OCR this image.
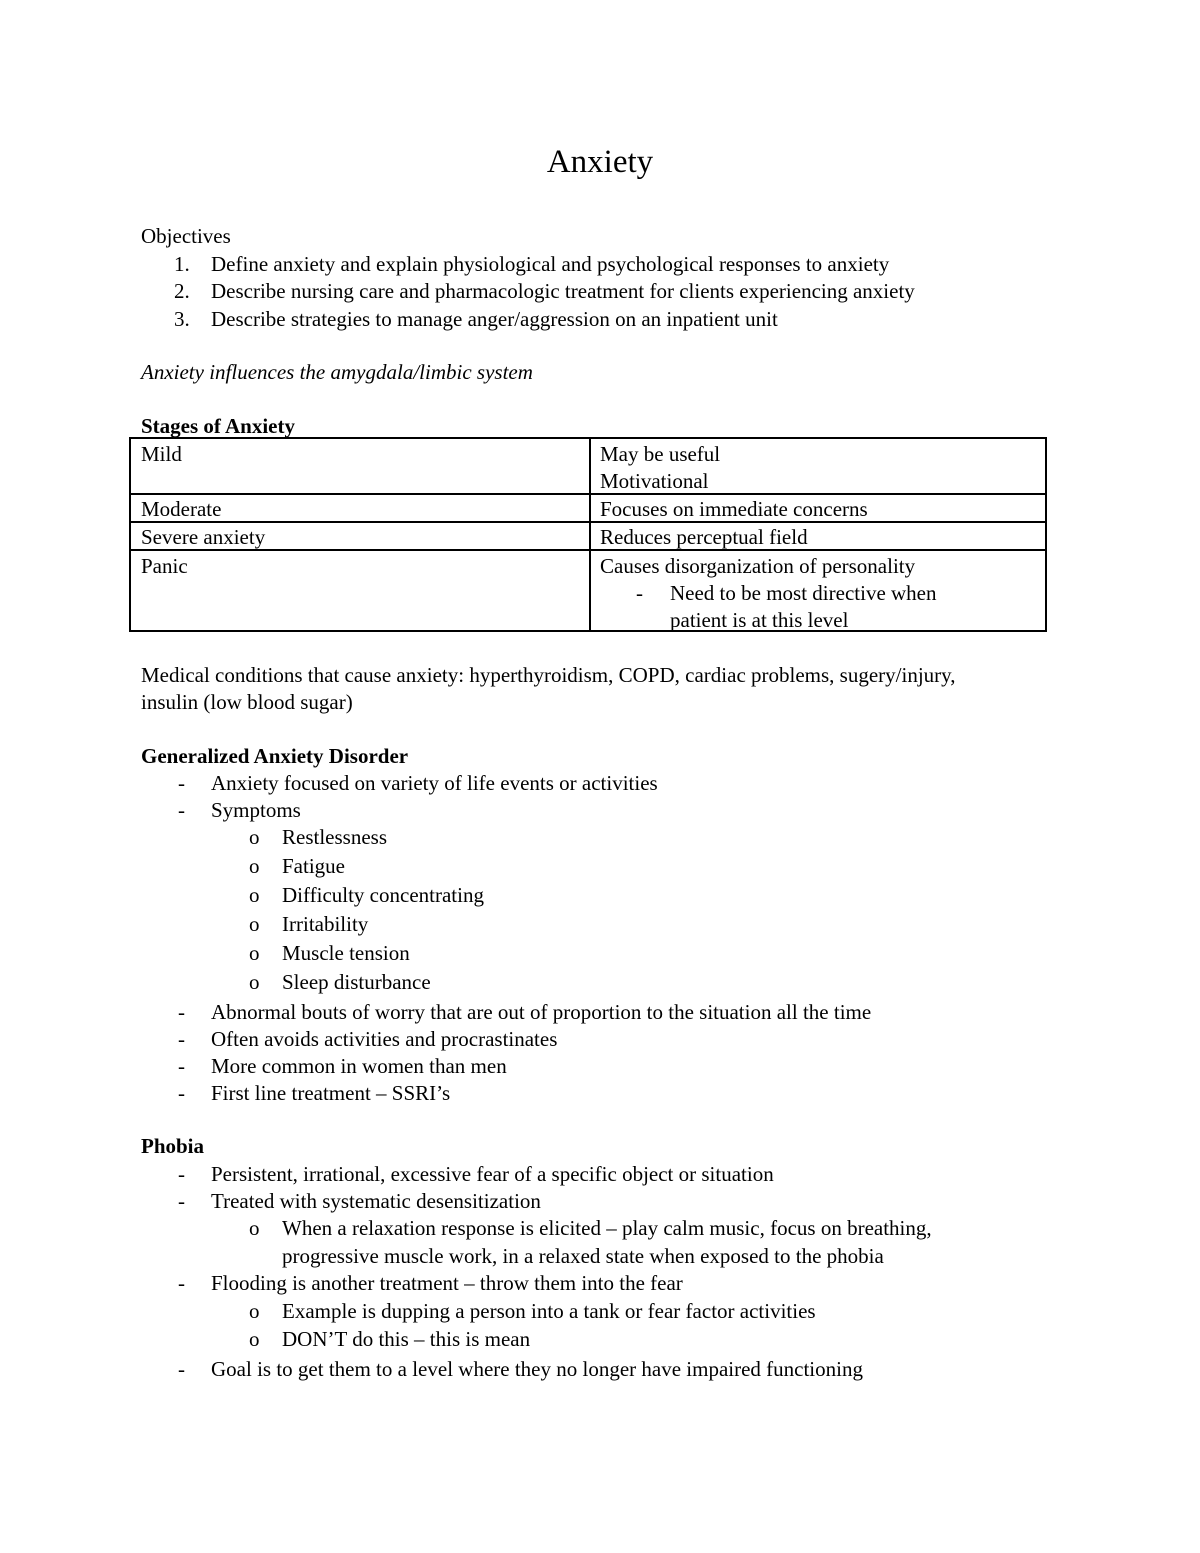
Anxiety
Objectives
1. Define anxiety and explain physiological and psychological responses to anxiety
2. Describe nursing care and pharmacologic treatment for clients experiencing anxiety
3. Describe strategies to manage anger/aggression on an inpatient unit
Anxiety influences the amygdala/limbic system
Stages of Anxiety
Mild	May be useful
Motivational
Moderate	Focuses on immediate concerns
Severe anxiety	Reduces perceptual field
Panic	Causes disorganization of personality
- Need to be most directive when
patient is at this level
Medical conditions that cause anxiety: hyperthyroidism, COPD, cardiac problems, sugery/injury,
insulin (low blood sugar)
Generalized Anxiety Disorder
- Anxiety focused on variety of life events or activities
- Symptoms
o Restlessness
o Fatigue
o Difficulty concentrating
o Irritability
o Muscle tension
o Sleep disturbance
- Abnormal bouts of worry that are out of proportion to the situation all the time
- Often avoids activities and procrastinates
- More common in women than men
- First line treatment – SSRI’s
Phobia
- Persistent, irrational, excessive fear of a specific object or situation
- Treated with systematic desensitization
o When a relaxation response is elicited – play calm music, focus on breathing,
progressive muscle work, in a relaxed state when exposed to the phobia
- Flooding is another treatment – throw them into the fear
o Example is dupping a person into a tank or fear factor activities
o DON’T do this – this is mean
- Goal is to get them to a level where they no longer have impaired functioning
